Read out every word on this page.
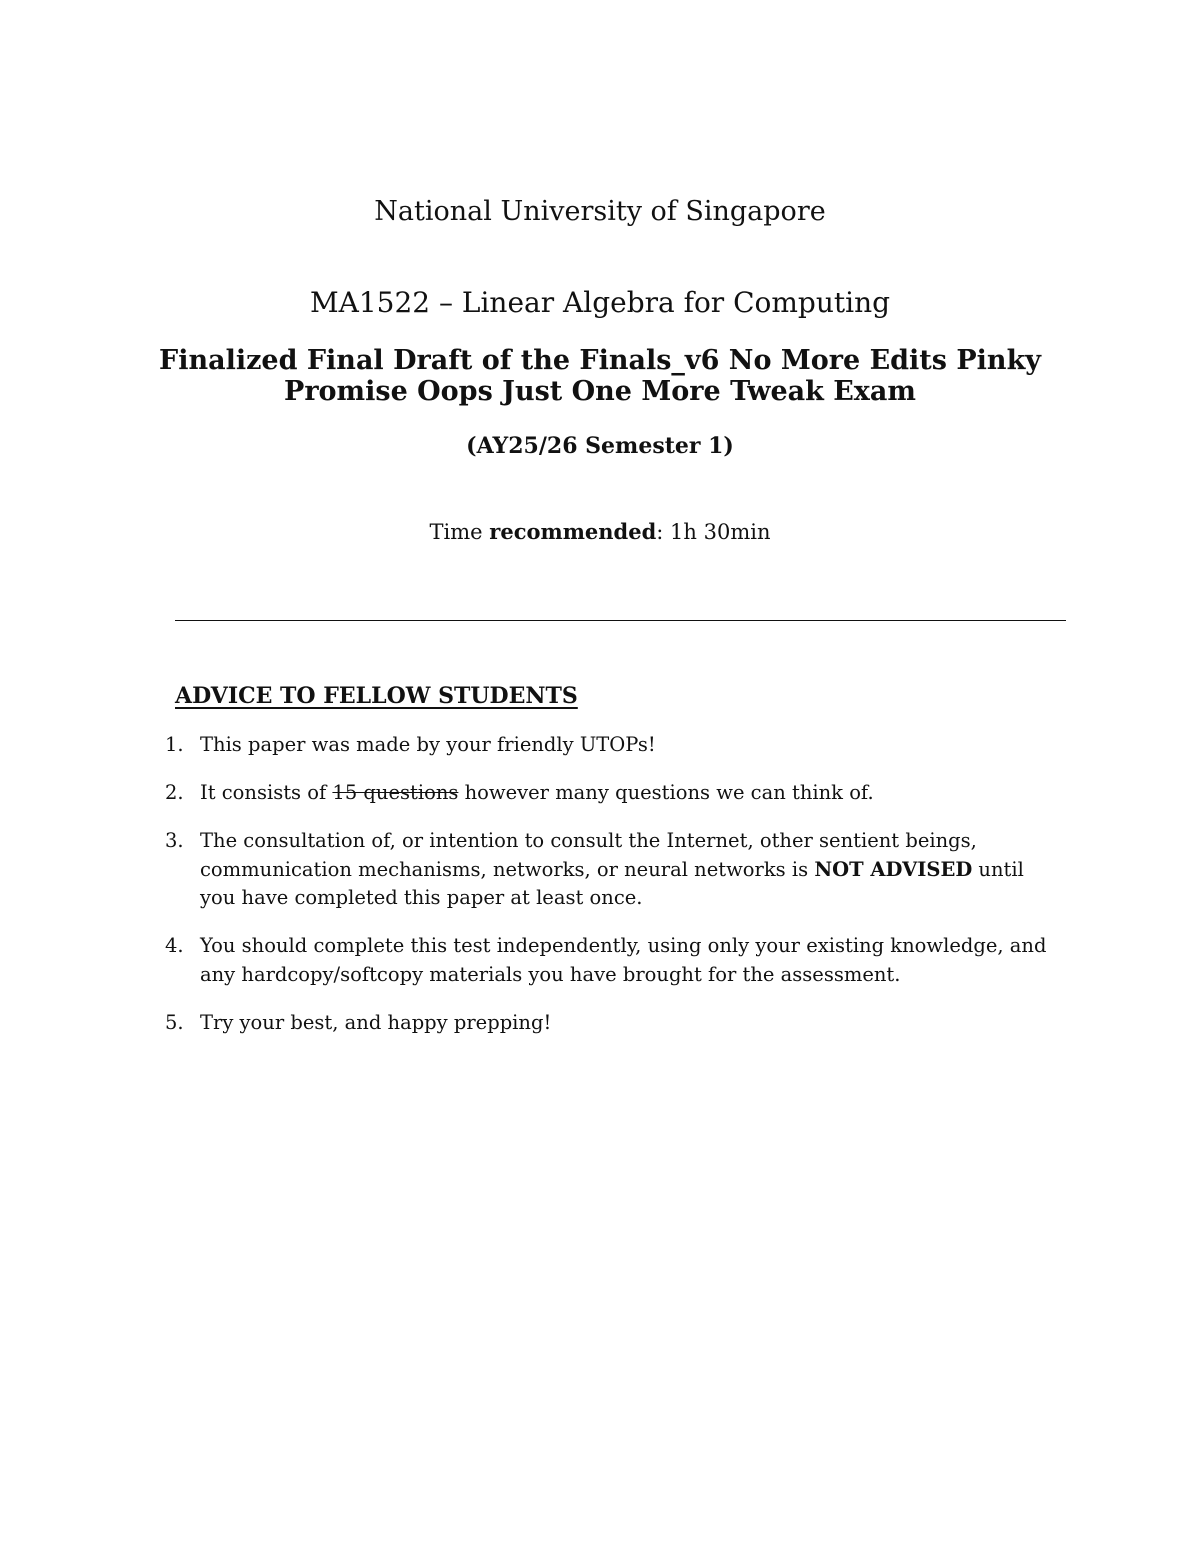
National University of Singapore
MA1522 – Linear Algebra for Computing
Finalized Final Draft of the Finals_v6 No More Edits Pinky
Promise Oops Just One More Tweak Exam
(AY25/26 Semester 1)
Time recommended: 1h 30min
ADVICE TO FELLOW STUDENTS
1. This paper was made by your friendly UTOPs!
2. It consists of 15 questions however many questions we can think of.
3. The consultation of, or intention to consult the Internet, other sentient beings, communication mechanisms, networks, or neural networks is NOT ADVISED until you have completed this paper at least once.
4. You should complete this test independently, using only your existing knowledge, and any hardcopy/softcopy materials you have brought for the assessment.
5. Try your best, and happy prepping!
